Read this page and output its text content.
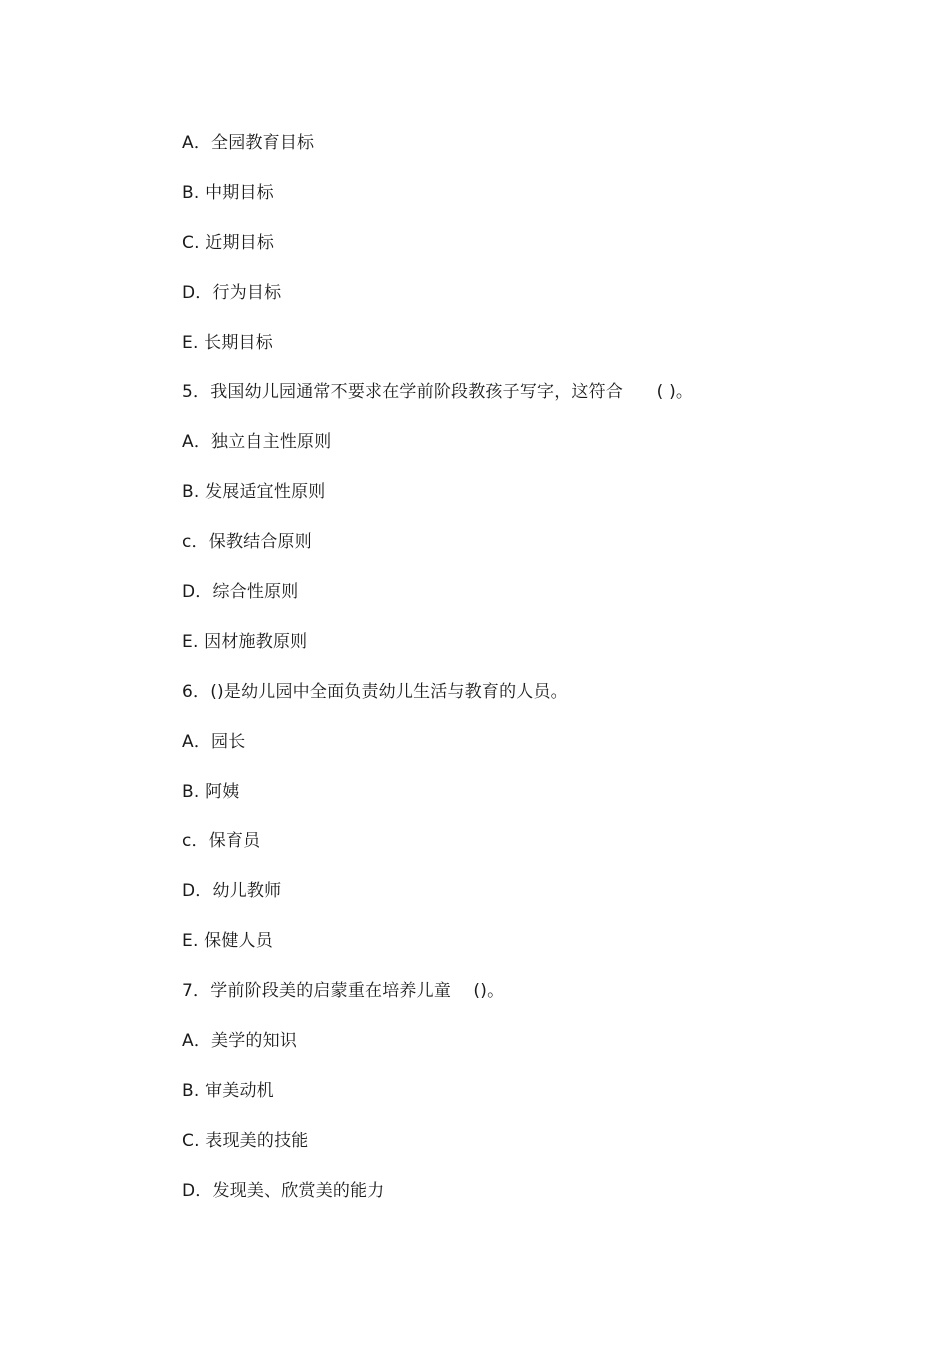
A．全园教育目标
B. 中期目标
C. 近期目标
D．行为目标
E. 长期目标
5．我国幼儿园通常不要求在学前阶段教孩子写字，这符合      ( )。
A．独立自主性原则
B. 发展适宜性原则
c．保教结合原则
D．综合性原则
E. 因材施教原则
6．()是幼儿园中全面负责幼儿生活与教育的人员。
A．园长
B. 阿姨
c．保育员
D．幼儿教师
E. 保健人员
7．学前阶段美的启蒙重在培养儿童    ()。
A．美学的知识
B. 审美动机
C. 表现美的技能
D．发现美、欣赏美的能力
